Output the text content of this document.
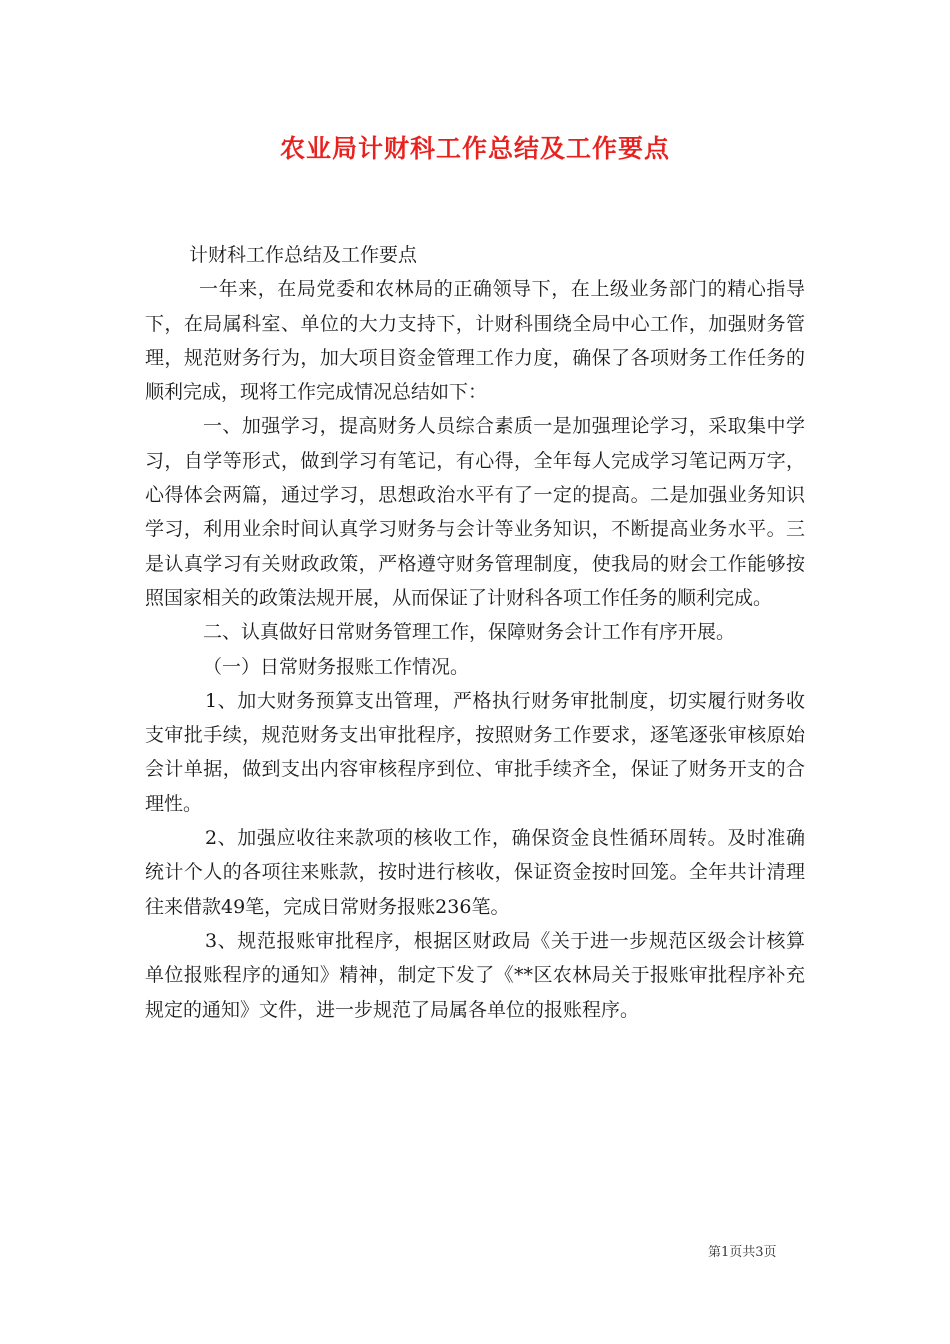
农业局计财科工作总结及工作要点

计财科工作总结及工作要点

一年来，在局党委和农林局的正确领导下，在上级业务部门的精心指导下，在局属科室、单位的大力支持下，计财科围绕全局中心工作，加强财务管理，规范财务行为，加大项目资金管理工作力度，确保了各项财务工作任务的顺利完成，现将工作完成情况总结如下：

一、加强学习，提高财务人员综合素质一是加强理论学习，采取集中学习，自学等形式，做到学习有笔记，有心得，全年每人完成学习笔记两万字，心得体会两篇，通过学习，思想政治水平有了一定的提高。二是加强业务知识学习，利用业余时间认真学习财务与会计等业务知识，不断提高业务水平。三是认真学习有关财政政策，严格遵守财务管理制度，使我局的财会工作能够按照国家相关的政策法规开展，从而保证了计财科各项工作任务的顺利完成。

二、认真做好日常财务管理工作，保障财务会计工作有序开展。

（一）日常财务报账工作情况。

1、加大财务预算支出管理，严格执行财务审批制度，切实履行财务收支审批手续，规范财务支出审批程序，按照财务工作要求，逐笔逐张审核原始会计单据，做到支出内容审核程序到位、审批手续齐全，保证了财务开支的合理性。

2、加强应收往来款项的核收工作，确保资金良性循环周转。及时准确统计个人的各项往来账款，按时进行核收，保证资金按时回笼。全年共计清理往来借款49笔，完成日常财务报账236笔。

3、规范报账审批程序，根据区财政局《关于进一步规范区级会计核算单位报账程序的通知》精神，制定下发了《**区农林局关于报账审批程序补充规定的通知》文件，进一步规范了局属各单位的报账程序。

第1页共3页
